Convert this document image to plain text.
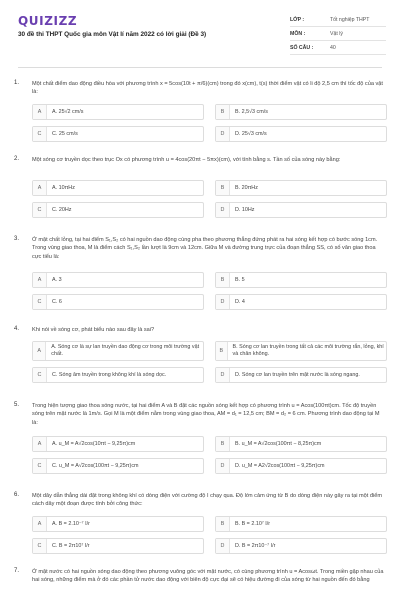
QUIZIZZ
30 đề thi THPT Quốc gia môn Vật lí năm 2022 có lời giải (Đề 3)
LỚP :	Tốt nghiệp THPT
MÔN :	Vật lý
SỐ CÂU :	40
1. Một chất điểm dao động điều hòa với phương trình x = 5cos(10t + π/6)(cm) trong đó x(cm), t(s) thời điểm vật có li độ 2,5 cm thì tốc độ của vật là:
A	A. 25√2 cm/s	B	B. 2,5√3 cm/s
C	C. 25 cm/s	D	D. 25√3 cm/s
2. Một sóng cơ truyền dọc theo trục Ox có phương trình u = 4cos(20πt − 5πx)(cm), với tính bằng s. Tần số của sóng này bằng:
A	A. 10πHz	B	B. 20πHz
C	C. 20Hz	D	D. 10Hz
3. Ở mặt chất lỏng, tại hai điểm S₁,S₂ có hai nguồn dao động cùng pha theo phương thẳng đứng phát ra hai sóng kết hợp có bước sóng 1cm. Trong vùng giao thoa, M là điểm cách S₁,S₂ lần lượt là 9cm và 12cm. Giữa M và đường trung trực của đoạn thẳng SS, có số vân giao thoa cực tiểu là:
A	A. 3	B	B. 5
C	C. 6	D	D. 4
4. Khi nói về sóng cơ, phát biểu nào sau đây là sai?
A
A. Sóng cơ là sự lan truyền dao động cơ trong môi trường vật chất.	B
B. Sóng cơ lan truyền trong tất cả các môi trường rắn, lỏng, khí và chân không.
C	C. Sóng âm truyền trong không khí là sóng dọc.	D	D. Sóng cơ lan truyền trên mặt nước là sóng ngang.
5. Trong hiện tượng giao thoa sóng nước, tại hai điểm A và B đặt các nguồn sóng kết hợp có phương trình u = Acos(100πt)cm. Tốc độ truyền sóng trên mặt nước là 1m/s. Gọi M là một điểm nằm trong vùng giao thoa, AM = d₁ = 12,5 cm; BM = d₂ = 6 cm. Phương trình dao động tại M là:
A	A. u_M = A√2cos(10πt − 9,25π)cm	B	B. u_M = A√2cos(100πt − 8,25π)cm
C	C. u_M = A√2cos(100πt − 9,25π)cm	D	D. u_M = A2√2cos(100πt − 9,25π)cm
6. Một dây dẫn thẳng dài đặt trong không khí có dòng điện với cường độ I chạy qua. Độ lớn cảm ứng từ B do dòng điện này gây ra tại một điểm cách dây một đoạn được tính bởi công thức:
A	A. B = 2.10⁻⁷ I/r	B	B. B = 2.10⁷ I/r
C	C. B = 2π10⁷ I/r	D	D. B = 2π10⁻⁷ I/r
7. Ở mặt nước có hai nguồn sóng dao động theo phương vuông góc với mặt nước, có cùng phương trình u = Acosωt. Trong miền gặp nhau của hai sóng, những điểm mà ở đó các phần tử nước dao động với biên độ cực đại sẽ có hiệu đường đi của sóng từ hai nguồn đến đó bằng
